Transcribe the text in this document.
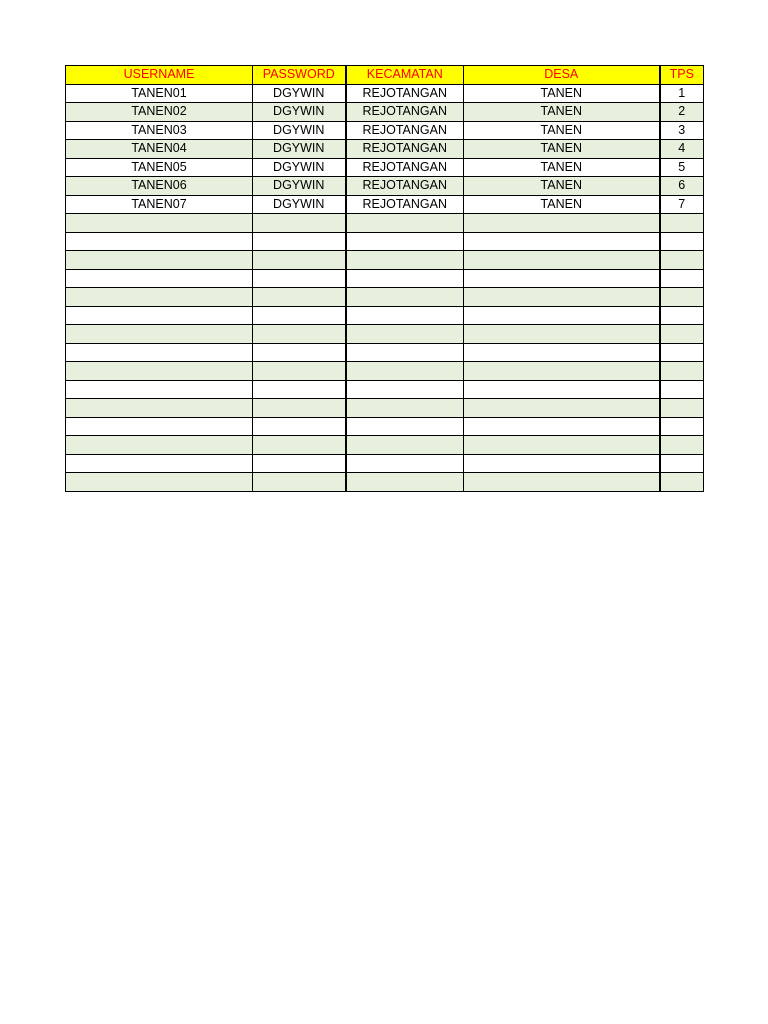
USERNAME	PASSWORD	KECAMATAN	DESA	TPS
TANEN01	DGYWIN	REJOTANGAN	TANEN	1
TANEN02	DGYWIN	REJOTANGAN	TANEN	2
TANEN03	DGYWIN	REJOTANGAN	TANEN	3
TANEN04	DGYWIN	REJOTANGAN	TANEN	4
TANEN05	DGYWIN	REJOTANGAN	TANEN	5
TANEN06	DGYWIN	REJOTANGAN	TANEN	6
TANEN07	DGYWIN	REJOTANGAN	TANEN	7
